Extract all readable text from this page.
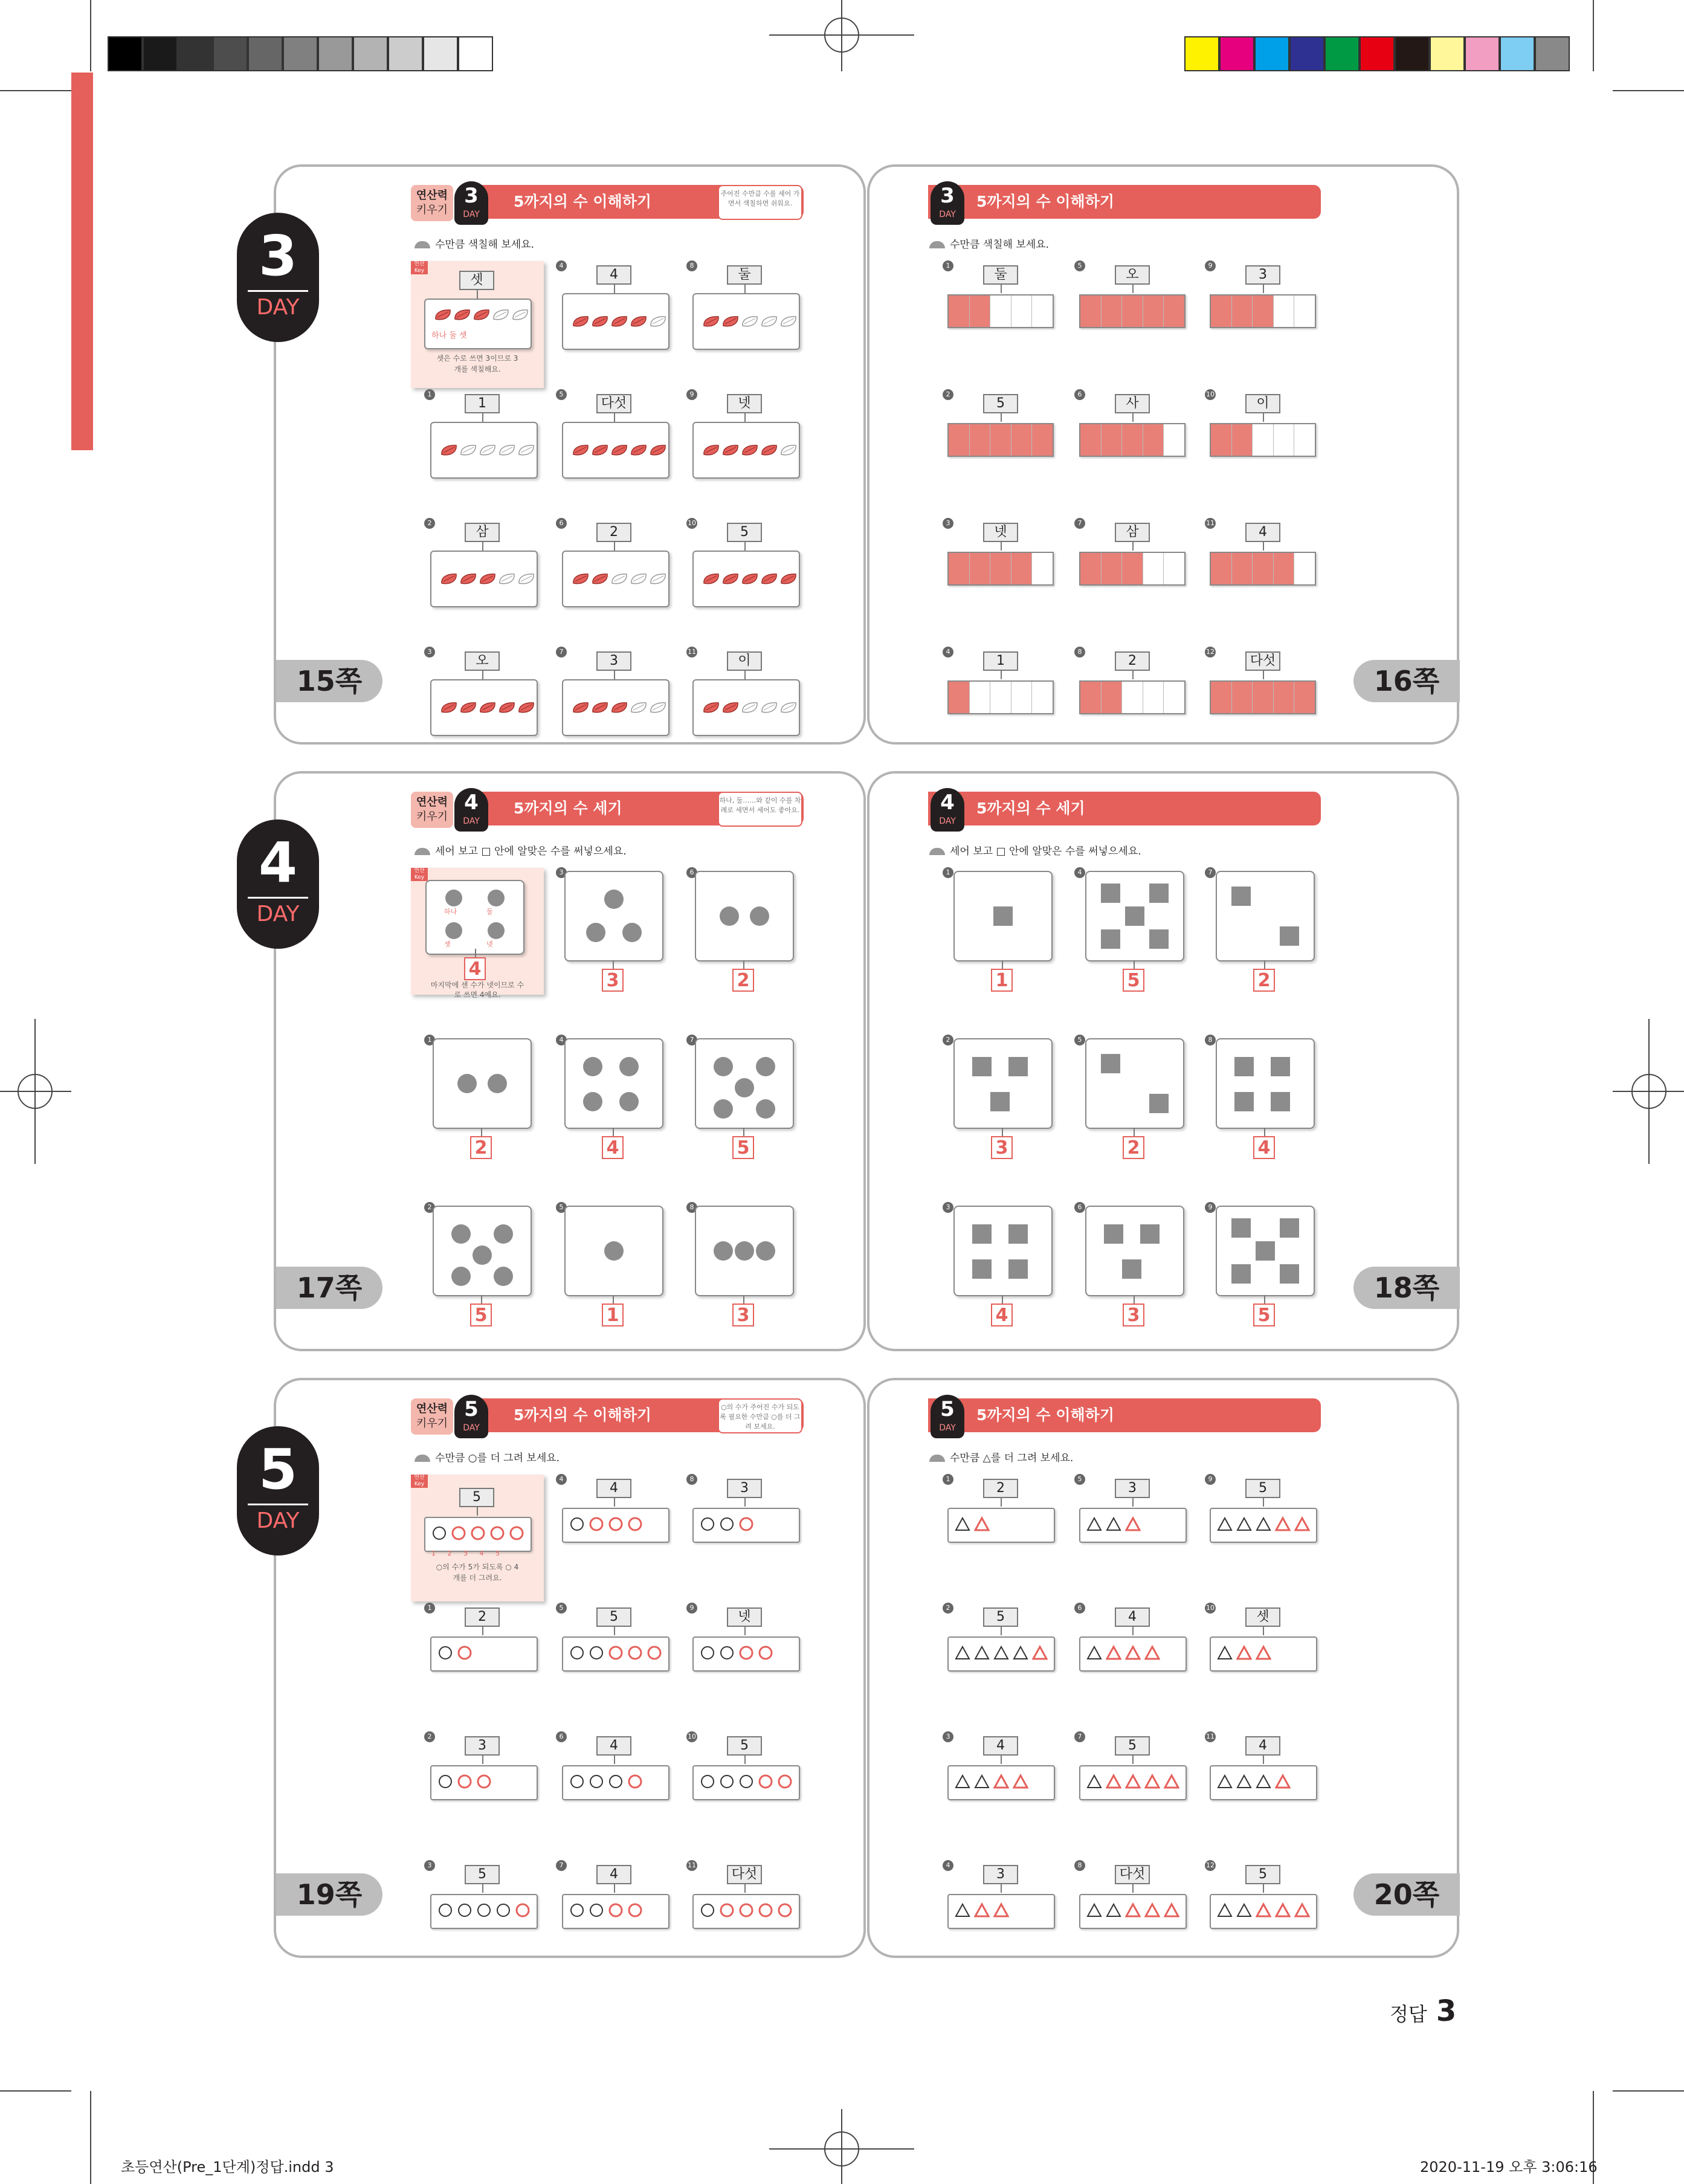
3
DAY
15쪽	16쪽
연산력
키우기	5까지의 수 이해하기
3
DAY
주어진 수만큼 수를 세어 가면서 색칠하면 쉬워요.
수만큼 색칠해 보세요.
5까지의 수 이해하기
3
DAY
수만큼 색칠해 보세요.
연산 Key
셋
하나 둘 셋
셋은 수로 쓰면 3이므로 3개를 색칠해요.
1
1
2
삼
3
오
4
4
5
다섯
6
2
7
3
8
둘
9
넷
10
5
11
이
1
둘
2
5
3
넷
4
1
5
오
6
사
7
삼
8
2
9
3
10
이
11
4
12
다섯
4
DAY
17쪽	18쪽
연산력
키우기	5까지의 수 세기
4
DAY
하나, 둘……와 같이 수를 차례로 세면서 세어도 좋아요.
세어 보고 □ 안에 알맞은 수를 써넣으세요.
5까지의 수 세기
4
DAY
세어 보고 □ 안에 알맞은 수를 써넣으세요.
연산 Key
하나	둘
셋	넷
4
마지막에 센 수가 넷이므로 수로 쓰면 4예요.
1
2
2
5
3
3
4
4
5
1
6
2
7
5
8
3
1
1
2
3
3
4
4
5
5
2
6
3
7
2
8
4
9
5
5
DAY
19쪽	20쪽
연산력
키우기	5까지의 수 이해하기
5
DAY
○의 수가 주어진 수가 되도록 필요한 수만큼 ○를 더 그려 보세요.
수만큼 ○를 더 그려 보세요.
5까지의 수 이해하기
5
DAY
수만큼 △를 더 그려 보세요.
연산 Key
5
1 2 3 4 5
○의 수가 5가 되도록 ○ 4개를 더 그려요.
1
2
2
3
3
5
4
4
5
5
6
4
7
4
8
3
9
넷
10
5
11
다섯
1
2
2
5
3
4
4
3
5
3
6
4
7
5
8
다섯
9
5
10
셋
11
4
12
5
정답 3
초등연산(Pre_1단계)정답.indd 3	2020-11-19 오후 3:06:16
